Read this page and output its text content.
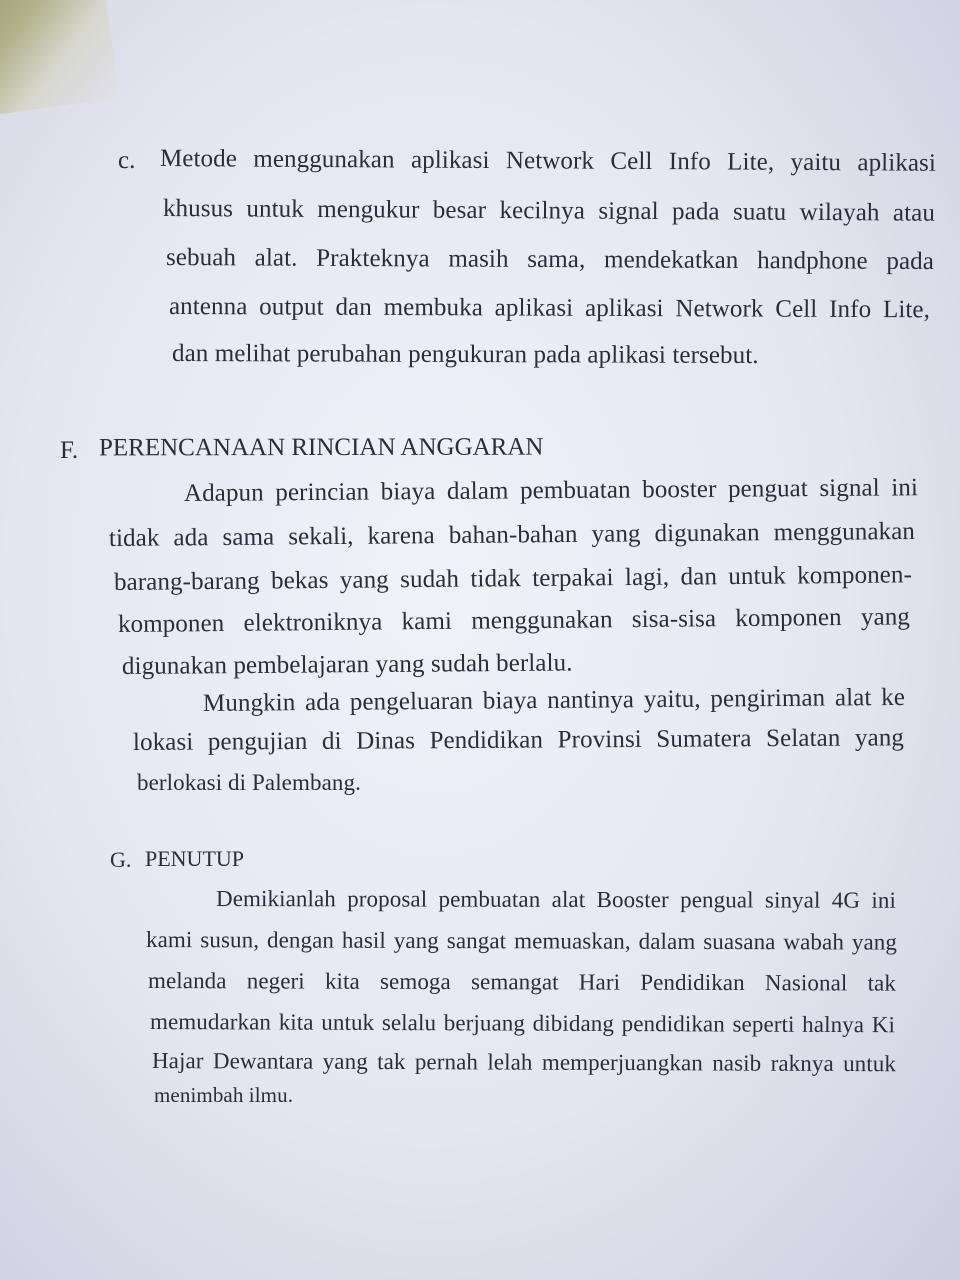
c. Metode menggunakan aplikasi Network Cell Info Lite, yaitu aplikasi
khusus untuk mengukur besar kecilnya signal pada suatu wilayah atau
sebuah alat. Prakteknya masih sama, mendekatkan handphone pada
antenna output dan membuka aplikasi aplikasi Network Cell Info Lite,
dan melihat perubahan pengukuran pada aplikasi tersebut.
F. PERENCANAAN RINCIAN ANGGARAN
Adapun perincian biaya dalam pembuatan booster penguat signal ini
tidak ada sama sekali, karena bahan-bahan yang digunakan menggunakan
barang-barang bekas yang sudah tidak terpakai lagi, dan untuk komponen-
komponen elektroniknya kami menggunakan sisa-sisa komponen yang
digunakan pembelajaran yang sudah berlalu.
Mungkin ada pengeluaran biaya nantinya yaitu, pengiriman alat ke
lokasi pengujian di Dinas Pendidikan Provinsi Sumatera Selatan yang
berlokasi di Palembang.
G. PENUTUP
Demikianlah proposal pembuatan alat Booster pengual sinyal 4G ini
kami susun, dengan hasil yang sangat memuaskan, dalam suasana wabah yang
melanda negeri kita semoga semangat Hari Pendidikan Nasional tak
memudarkan kita untuk selalu berjuang dibidang pendidikan seperti halnya Ki
Hajar Dewantara yang tak pernah lelah memperjuangkan nasib raknya untuk
menimbah ilmu.
